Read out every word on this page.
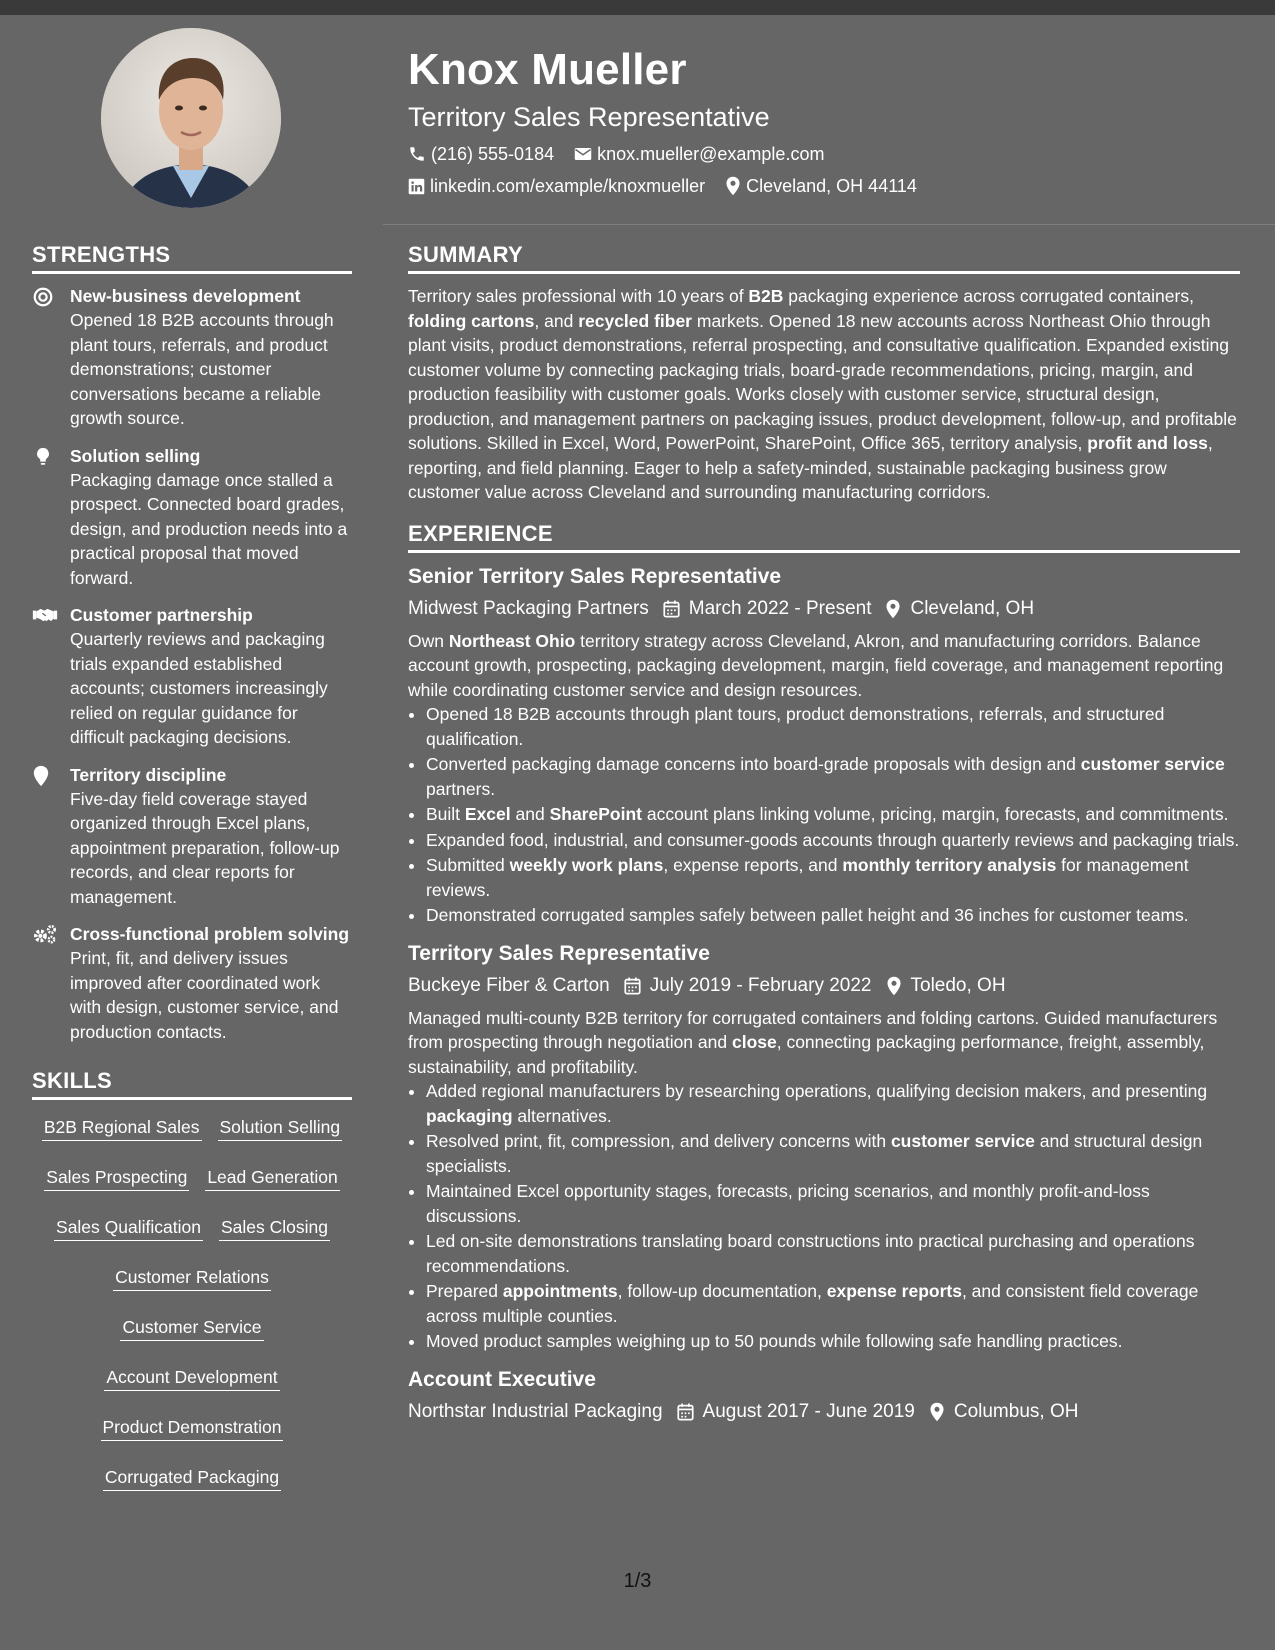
Knox Mueller
Territory Sales Representative
(216) 555-0184 knox.mueller@example.com
linkedin.com/example/knoxmueller Cleveland, OH 44114
STRENGTHS
New-business development
Opened 18 B2B accounts through plant tours, referrals, and product demonstrations; customer conversations became a reliable growth source.
Solution selling
Packaging damage once stalled a prospect. Connected board grades, design, and production needs into a practical proposal that moved forward.
Customer partnership
Quarterly reviews and packaging trials expanded established accounts; customers increasingly relied on regular guidance for difficult packaging decisions.
Territory discipline
Five-day field coverage stayed organized through Excel plans, appointment preparation, follow-up records, and clear reports for management.
Cross-functional problem solving
Print, fit, and delivery issues improved after coordinated work with design, customer service, and production contacts.
SKILLS
B2B Regional Sales Solution Selling
Sales Prospecting Lead Generation
Sales Qualification Sales Closing
Customer Relations
Customer Service
Account Development
Product Demonstration
Corrugated Packaging
SUMMARY

Territory sales professional with 10 years of B2B packaging experience across corrugated containers, folding cartons, and recycled fiber markets. Opened 18 new accounts across Northeast Ohio through plant visits, product demonstrations, referral prospecting, and consultative qualification. Expanded existing customer volume by connecting packaging trials, board-grade recommendations, pricing, margin, and production feasibility with customer goals. Works closely with customer service, structural design, production, and management partners on packaging issues, product development, follow-up, and profitable solutions. Skilled in Excel, Word, PowerPoint, SharePoint, Office 365, territory analysis, profit and loss, reporting, and field planning. Eager to help a safety-minded, sustainable packaging business grow customer value across Cleveland and surrounding manufacturing corridors.

EXPERIENCE
Senior Territory Sales Representative
Midwest Packaging Partners March 2022 - Present Cleveland, OH

Own Northeast Ohio territory strategy across Cleveland, Akron, and manufacturing corridors. Balance account growth, prospecting, packaging development, margin, field coverage, and management reporting while coordinating customer service and design resources.

• Opened 18 B2B accounts through plant tours, product demonstrations, referrals, and structured qualification.
• Converted packaging damage concerns into board-grade proposals with design and customer service partners.
• Built Excel and SharePoint account plans linking volume, pricing, margin, forecasts, and commitments.
• Expanded food, industrial, and consumer-goods accounts through quarterly reviews and packaging trials.
• Submitted weekly work plans, expense reports, and monthly territory analysis for management reviews.
• Demonstrated corrugated samples safely between pallet height and 36 inches for customer teams.
Territory Sales Representative
Buckeye Fiber & Carton July 2019 - February 2022 Toledo, OH

Managed multi-county B2B territory for corrugated containers and folding cartons. Guided manufacturers from prospecting through negotiation and close, connecting packaging performance, freight, assembly, sustainability, and profitability.

• Added regional manufacturers by researching operations, qualifying decision makers, and presenting packaging alternatives.
• Resolved print, fit, compression, and delivery concerns with customer service and structural design specialists.
• Maintained Excel opportunity stages, forecasts, pricing scenarios, and monthly profit-and-loss discussions.
• Led on-site demonstrations translating board constructions into practical purchasing and operations recommendations.
• Prepared appointments, follow-up documentation, expense reports, and consistent field coverage across multiple counties.
• Moved product samples weighing up to 50 pounds while following safe handling practices.
Account Executive
Northstar Industrial Packaging August 2017 - June 2019 Columbus, OH
1/3
